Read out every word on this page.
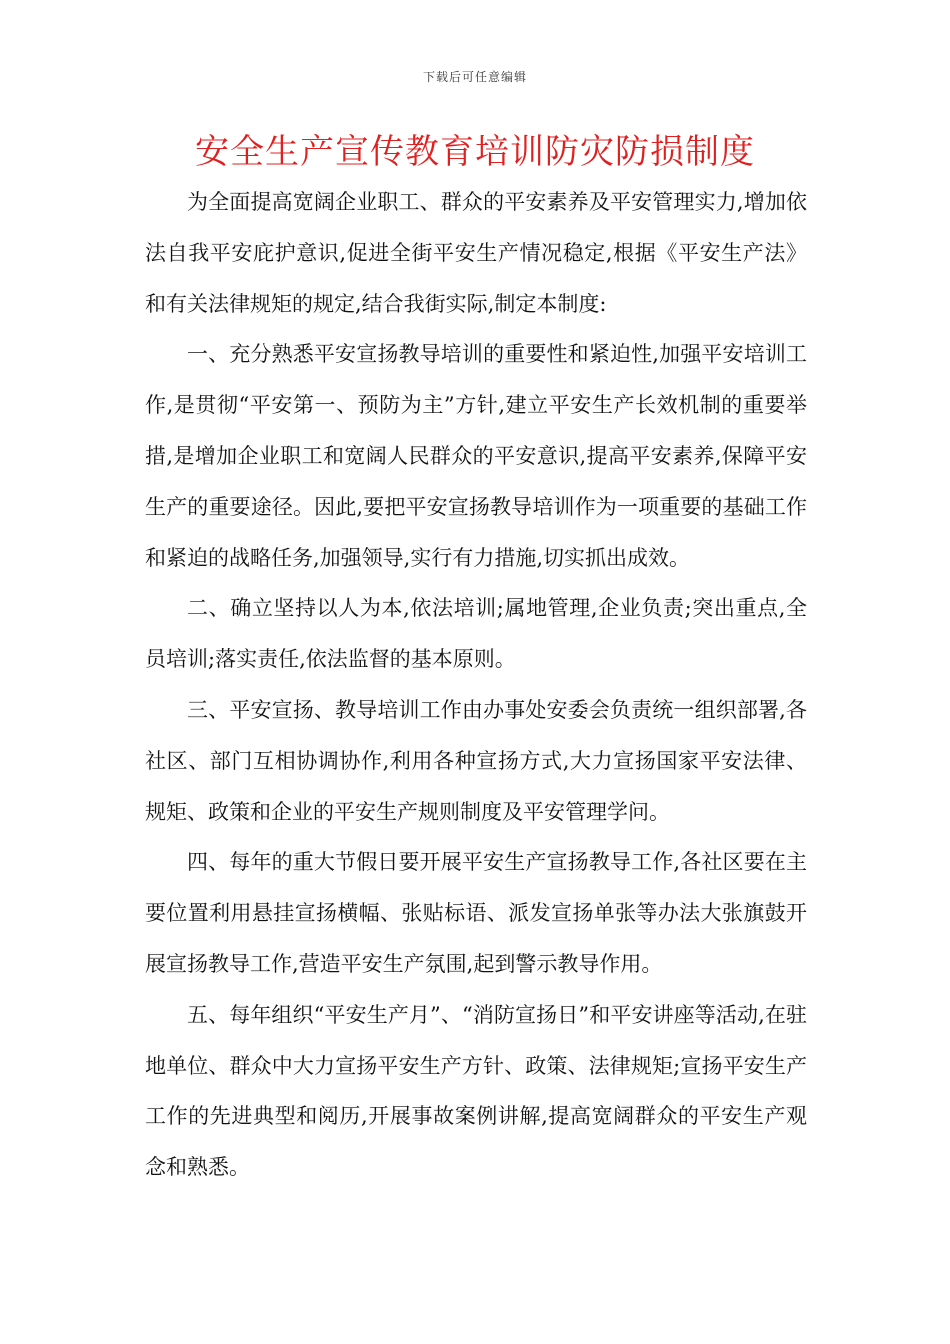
下载后可任意编辑
安全生产宣传教育培训防灾防损制度

为全面提高宽阔企业职工、群众的平安素养及平安管理实力,增加依法自我平安庇护意识,促进全街平安生产情况稳定,根据《平安生产法》和有关法律规矩的规定,结合我街实际,制定本制度:

一、充分熟悉平安宣扬教导培训的重要性和紧迫性,加强平安培训工作,是贯彻“平安第一、预防为主”方针,建立平安生产长效机制的重要举措,是增加企业职工和宽阔人民群众的平安意识,提高平安素养,保障平安生产的重要途径。因此,要把平安宣扬教导培训作为一项重要的基础工作和紧迫的战略任务,加强领导,实行有力措施,切实抓出成效。

二、确立坚持以人为本,依法培训;属地管理,企业负责;突出重点,全员培训;落实责任,依法监督的基本原则。

三、平安宣扬、教导培训工作由办事处安委会负责统一组织部署,各社区、部门互相协调协作,利用各种宣扬方式,大力宣扬国家平安法律、规矩、政策和企业的平安生产规则制度及平安管理学问。

四、每年的重大节假日要开展平安生产宣扬教导工作,各社区要在主要位置利用悬挂宣扬横幅、张贴标语、派发宣扬单张等办法大张旗鼓开展宣扬教导工作,营造平安生产氛围,起到警示教导作用。

五、每年组织“平安生产月”、“消防宣扬日”和平安讲座等活动,在驻地单位、群众中大力宣扬平安生产方针、政策、法律规矩;宣扬平安生产工作的先进典型和阅历,开展事故案例讲解,提高宽阔群众的平安生产观念和熟悉。
